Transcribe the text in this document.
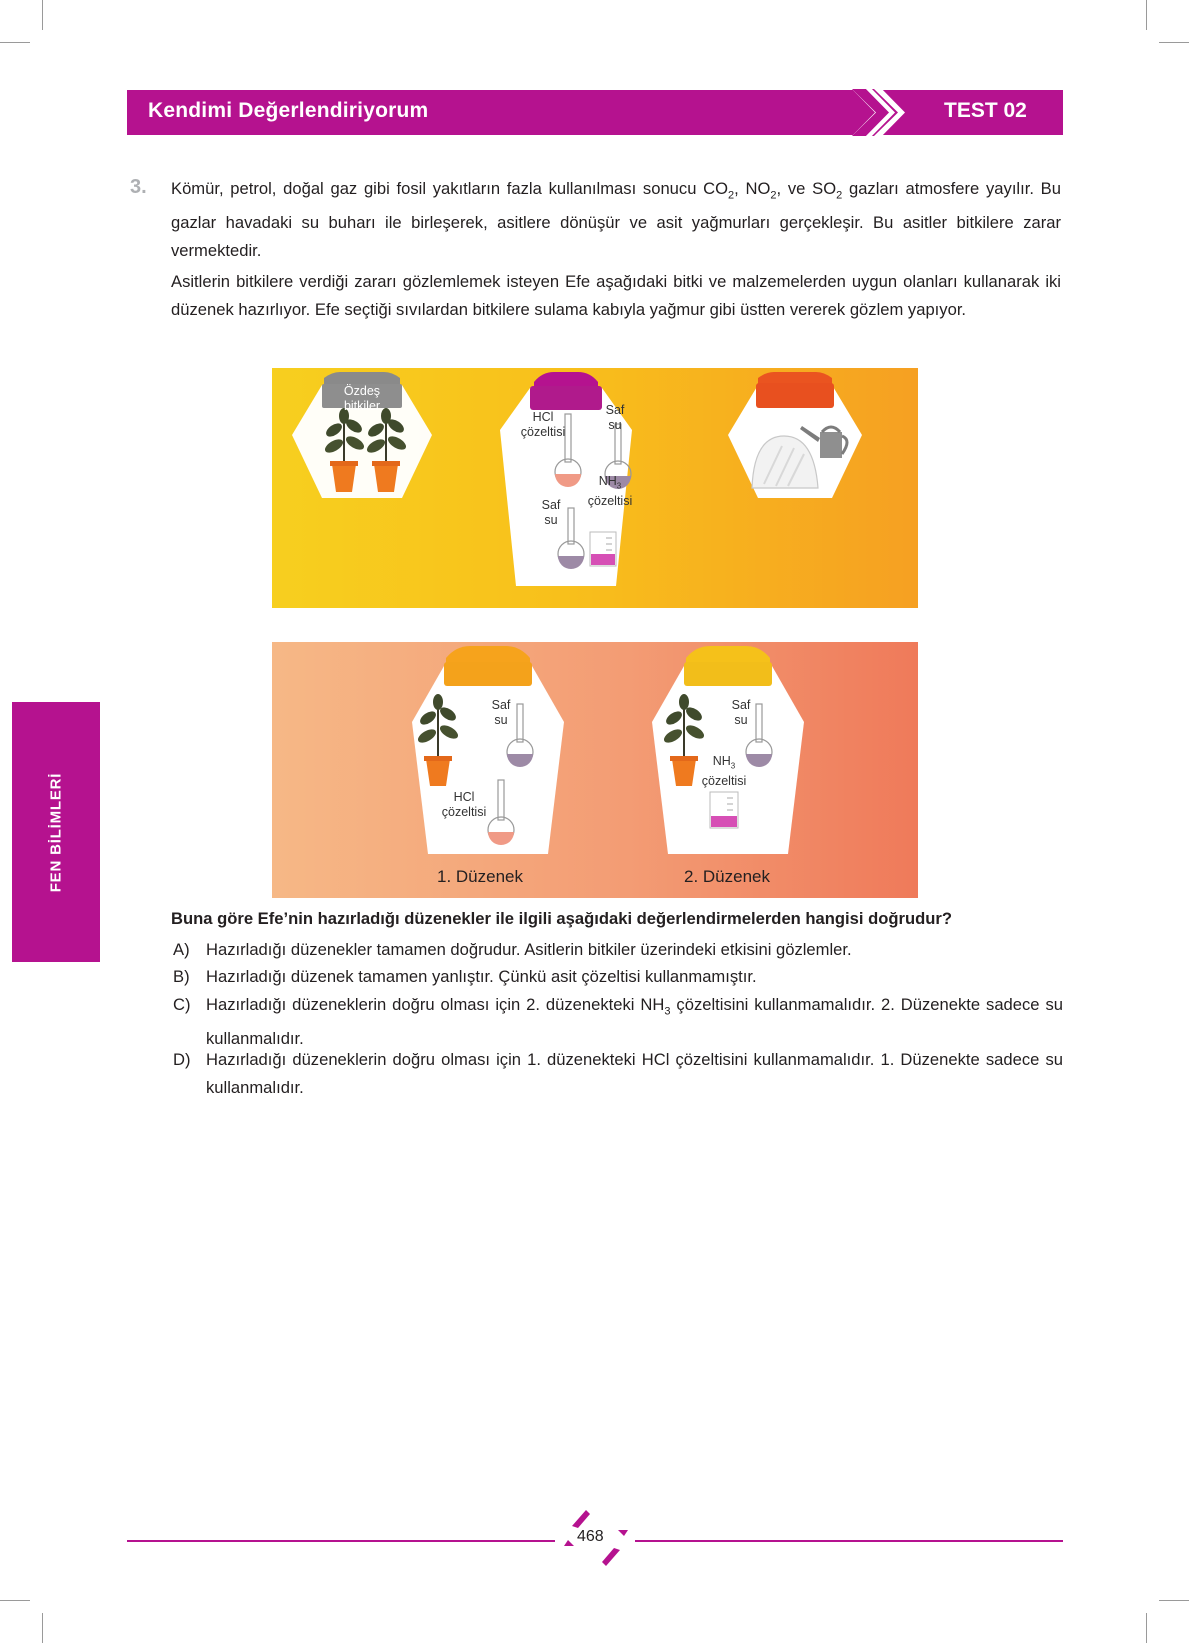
Kendimi Değerlendiriyorum	TEST 02
FEN BİLİMLERİ
3. Kömür, petrol, doğal gaz gibi fosil yakıtların fazla kullanılması sonucu $CO_2$, $NO_2$, ve $SO_2$ gazları atmosfere yayılır. Bu gazlar havadaki su buharı ile birleşerek, asitlere dönüşür ve asit yağmurları gerçekleşir. Bu asitler bitkilere zarar vermektedir.
Asitlerin bitkilere verdiği zararı gözlemlemek isteyen Efe aşağıdaki bitki ve malzemelerden uygun olanları kullanarak iki düzenek hazırlıyor. Efe seçtiği sıvılardan bitkilere sulama kabıyla yağmur gibi üstten vererek gözlem yapıyor.
Özdeş
bitkiler
HCl
çözeltisi
Saf
su
$NH_3$
çözeltisi
Saf
su
Saf
su
HCl
çözeltisi
Saf
su
$NH_3$
çözeltisi
1. Düzenek	2. Düzenek
Buna göre Efe’nin hazırladığı düzenekler ile ilgili aşağıdaki değerlendirmelerden hangisi doğrudur?
A) Hazırladığı düzenekler tamamen doğrudur. Asitlerin bitkiler üzerindeki etkisini gözlemler.
B) Hazırladığı düzenek tamamen yanlıştır. Çünkü asit çözeltisi kullanmamıştır.
C) Hazırladığı düzeneklerin doğru olması için 2. düzenekteki $NH_3$ çözeltisini kullanmamalıdır. 2. Düzenekte sadece su kullanmalıdır.
D) Hazırladığı düzeneklerin doğru olması için 1. düzenekteki HCl çözeltisini kullanmamalıdır. 1. Düzenekte sadece su kullanmalıdır.
468
